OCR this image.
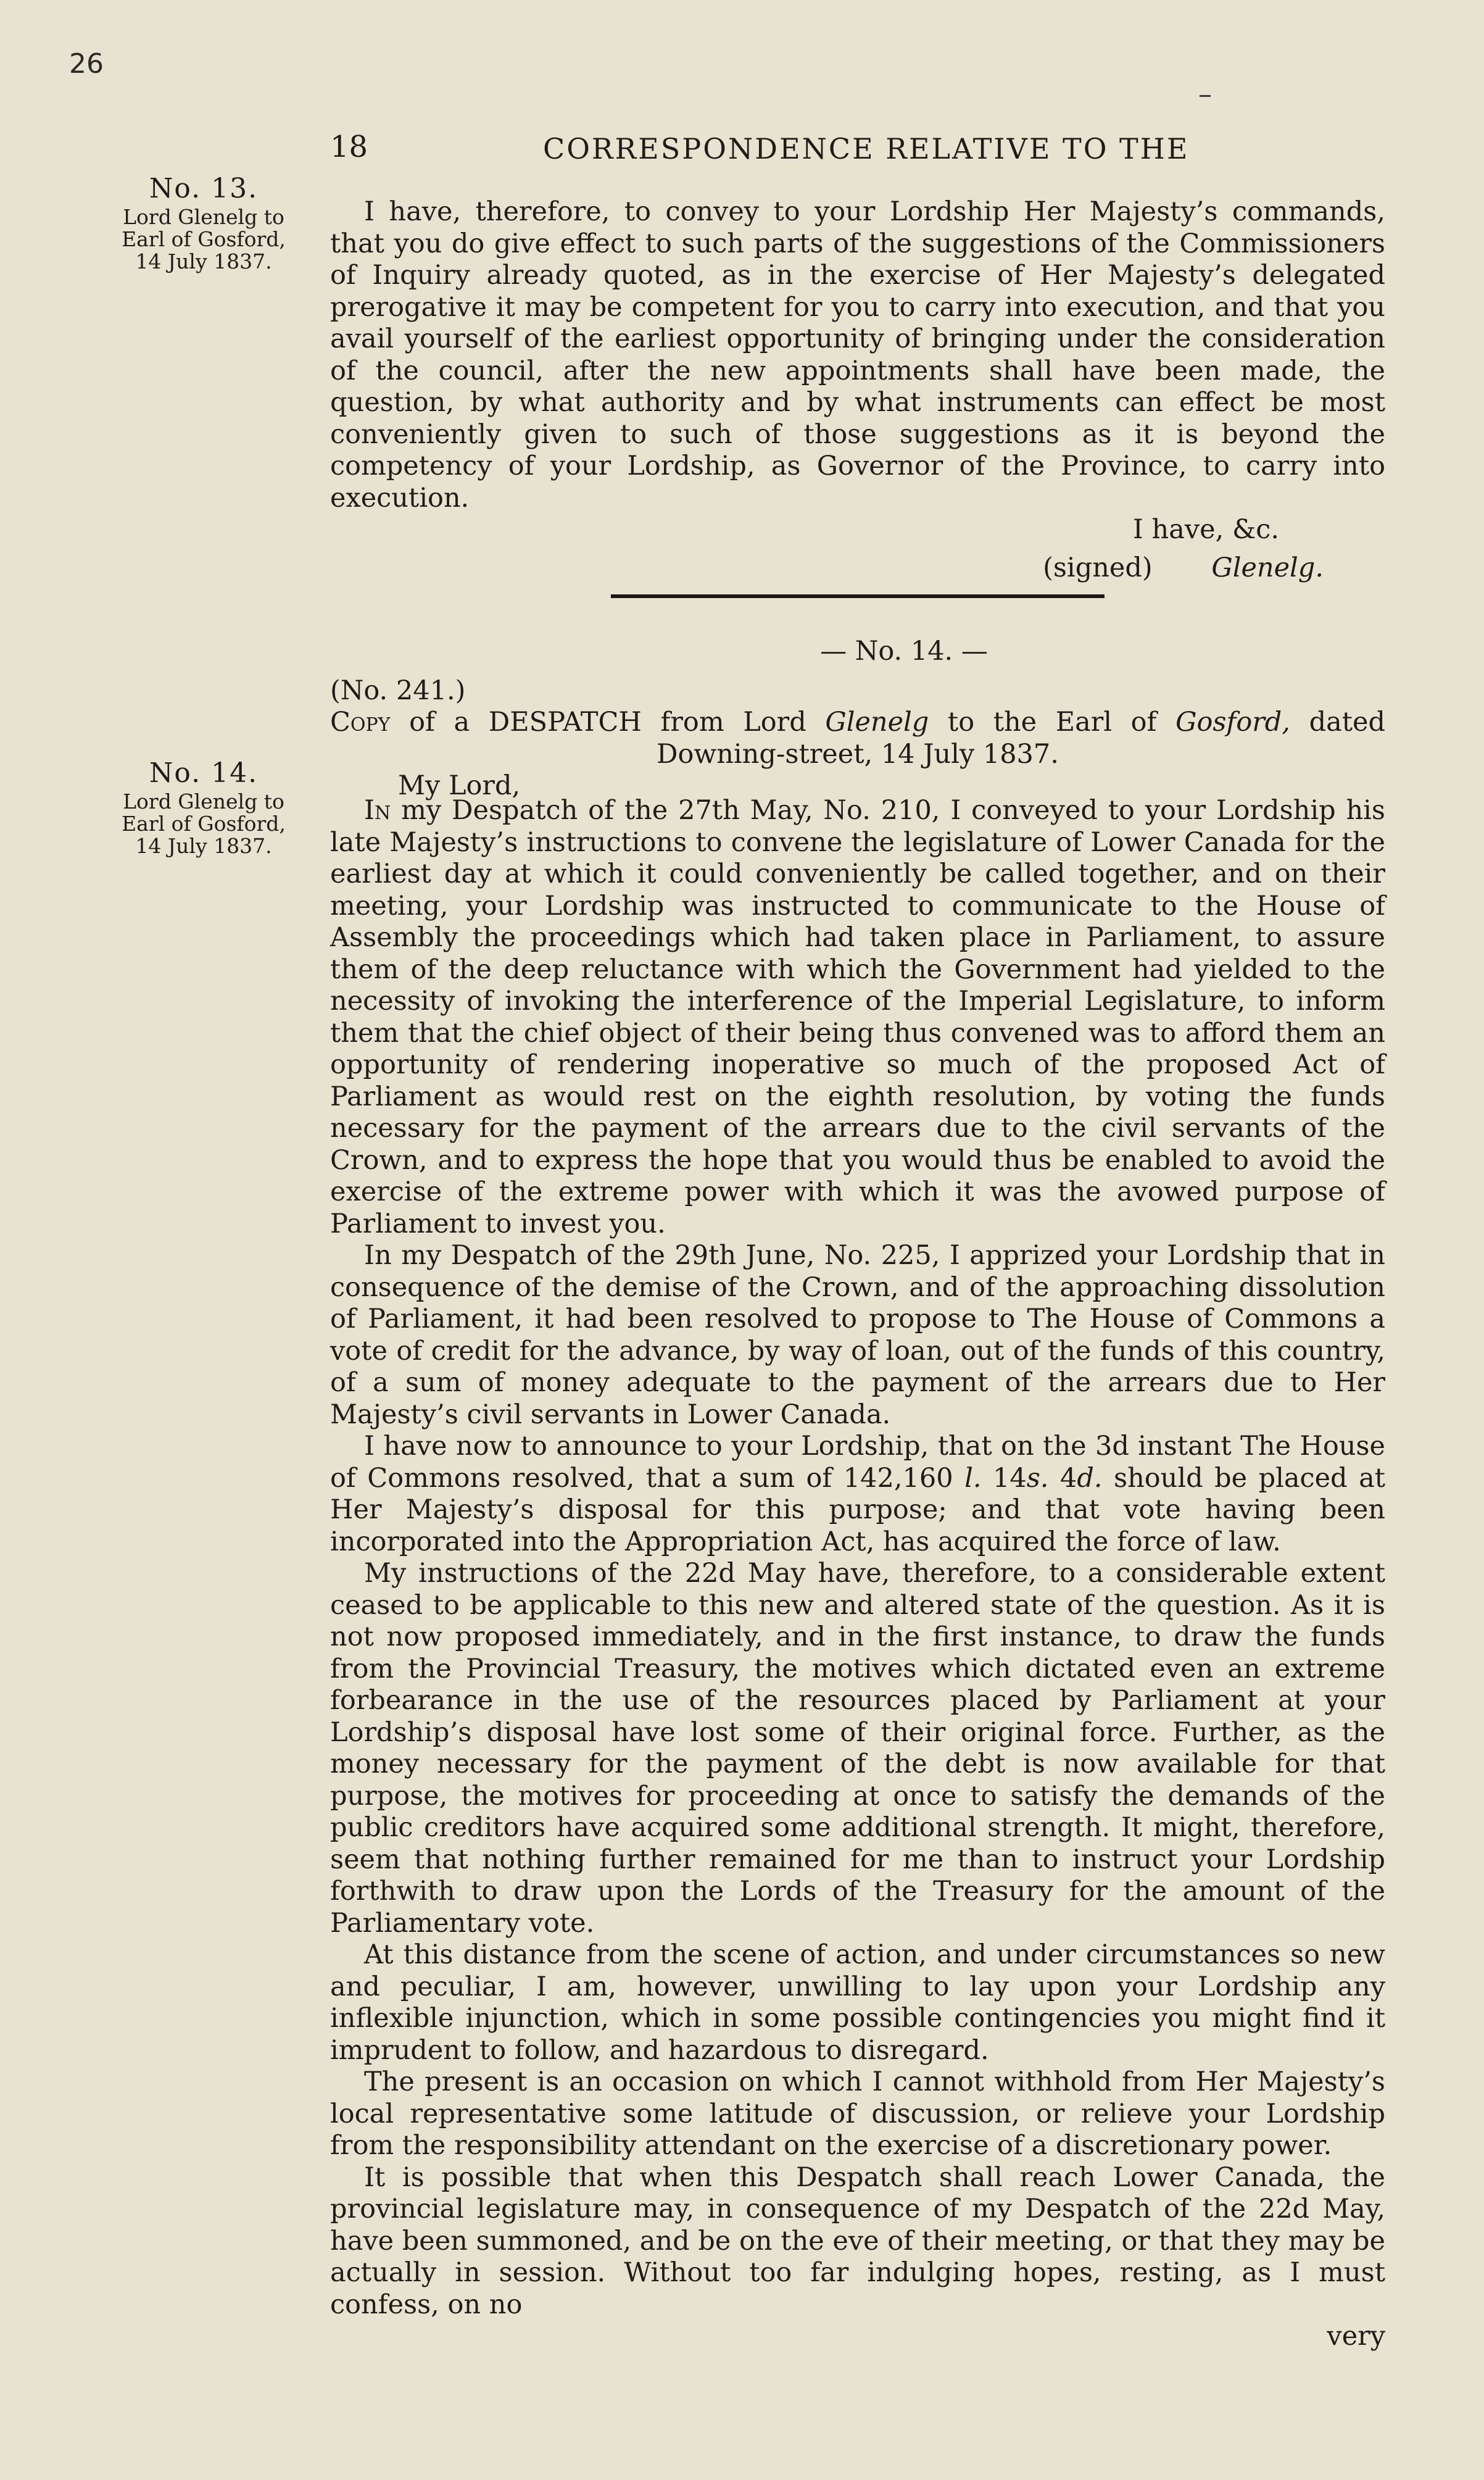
26
18	CORRESPONDENCE RELATIVE TO THE
No. 13.
Lord Glenelg to
Earl of Gosford,
14 July 1837.
No. 14.
Lord Glenelg to
Earl of Gosford,
14 July 1837.

I have, therefore, to convey to your Lordship Her Majesty’s commands, that you do give effect to such parts of the suggestions of the Commissioners of Inquiry already quoted, as in the exercise of Her Majesty’s delegated prerogative it may be competent for you to carry into execution, and that you avail yourself of the earliest opportunity of bringing under the consideration of the council, after the new appointments shall have been made, the question, by what authority and by what instruments can effect be most conveniently given to such of those suggestions as it is beyond the competency of your Lordship, as Governor of the Province, to carry into execution.

I have, &c.

(signed) Glenelg.

— No. 14. —
(No. 241.)
Copy of a DESPATCH from Lord Glenelg to the Earl of Gosford, dated
Downing-street, 14 July 1837.
My Lord,

In my Despatch of the 27th May, No. 210, I conveyed to your Lordship his late Majesty’s instructions to convene the legislature of Lower Canada for the earliest day at which it could conveniently be called together, and on their meeting, your Lordship was instructed to communicate to the House of Assembly the proceedings which had taken place in Parliament, to assure them of the deep reluctance with which the Government had yielded to the necessity of invoking the interference of the Imperial Legislature, to inform them that the chief object of their being thus convened was to afford them an opportunity of rendering inoperative so much of the proposed Act of Parliament as would rest on the eighth resolution, by voting the funds necessary for the payment of the arrears due to the civil servants of the Crown, and to express the hope that you would thus be enabled to avoid the exercise of the extreme power with which it was the avowed purpose of Parliament to invest you.

In my Despatch of the 29th June, No. 225, I apprized your Lordship that in consequence of the demise of the Crown, and of the approaching dissolution of Parliament, it had been resolved to propose to The House of Commons a vote of credit for the advance, by way of loan, out of the funds of this country, of a sum of money adequate to the payment of the arrears due to Her Majesty’s civil servants in Lower Canada.

I have now to announce to your Lordship, that on the 3d instant The House of Commons resolved, that a sum of 142,160 l. 14s. 4d. should be placed at Her Majesty’s disposal for this purpose; and that vote having been incorporated into the Appropriation Act, has acquired the force of law.

My instructions of the 22d May have, therefore, to a considerable extent ceased to be applicable to this new and altered state of the question. As it is not now proposed immediately, and in the first instance, to draw the funds from the Provincial Treasury, the motives which dictated even an extreme forbearance in the use of the resources placed by Parliament at your Lordship’s disposal have lost some of their original force. Further, as the money necessary for the payment of the debt is now available for that purpose, the motives for proceeding at once to satisfy the demands of the public creditors have acquired some additional strength. It might, therefore, seem that nothing further remained for me than to instruct your Lordship forthwith to draw upon the Lords of the Treasury for the amount of the Parliamentary vote.

At this distance from the scene of action, and under circumstances so new and peculiar, I am, however, unwilling to lay upon your Lordship any inflexible injunction, which in some possible contingencies you might find it imprudent to follow, and hazardous to disregard.

The present is an occasion on which I cannot withhold from Her Majesty’s local representative some latitude of discussion, or relieve your Lordship from the responsibility attendant on the exercise of a discretionary power.

It is possible that when this Despatch shall reach Lower Canada, the provincial legislature may, in consequence of my Despatch of the 22d May, have been summoned, and be on the eve of their meeting, or that they may be actually in session. Without too far indulging hopes, resting, as I must confess, on no

very
